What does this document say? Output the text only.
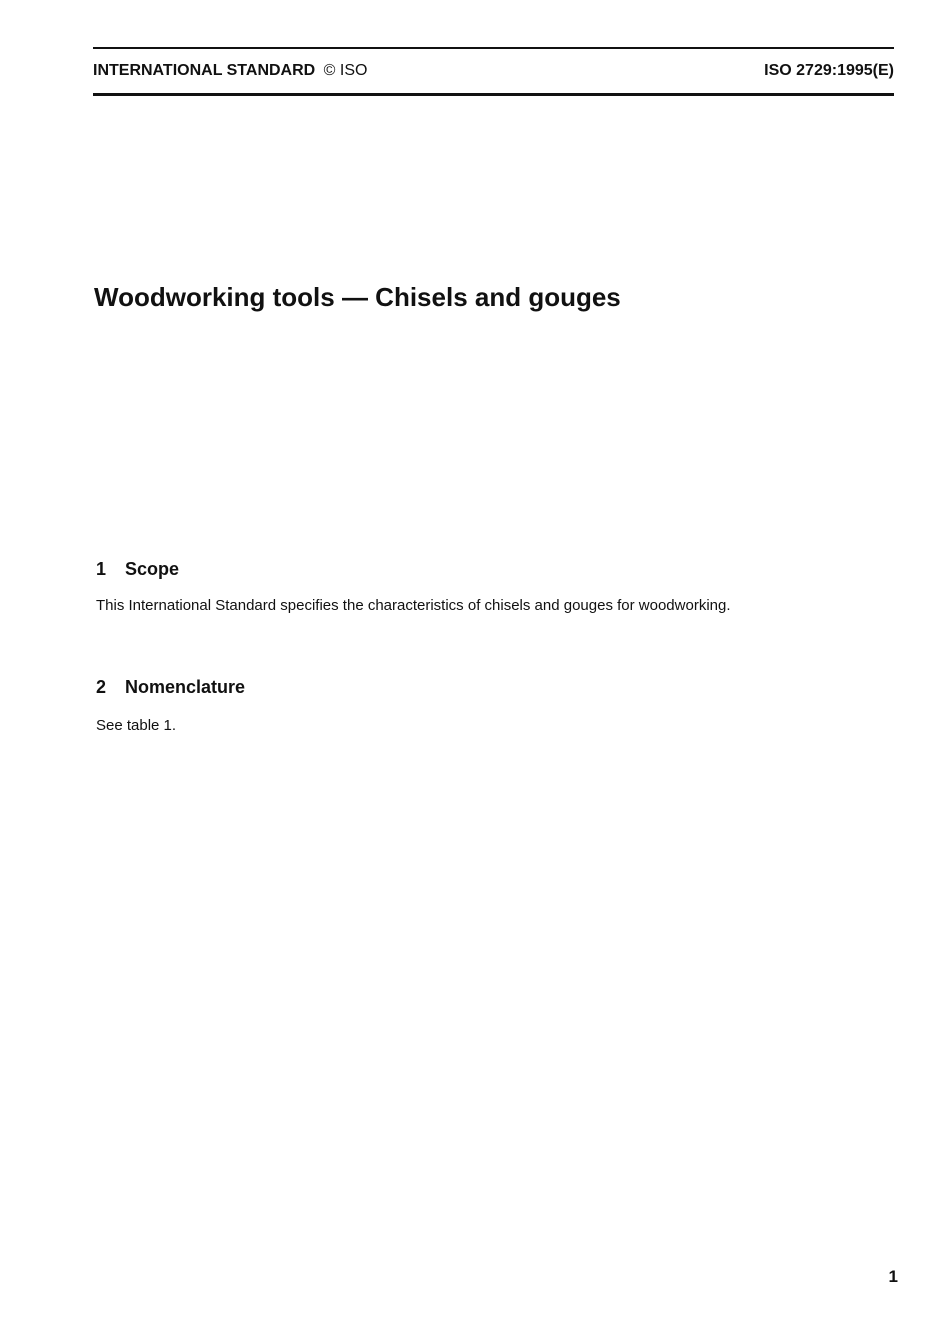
INTERNATIONAL STANDARD © ISO	ISO 2729:1995(E)
Woodworking tools — Chisels and gouges
1 Scope

This International Standard specifies the characteristics of chisels and gouges for woodworking.

2 Nomenclature

See table 1.

1
